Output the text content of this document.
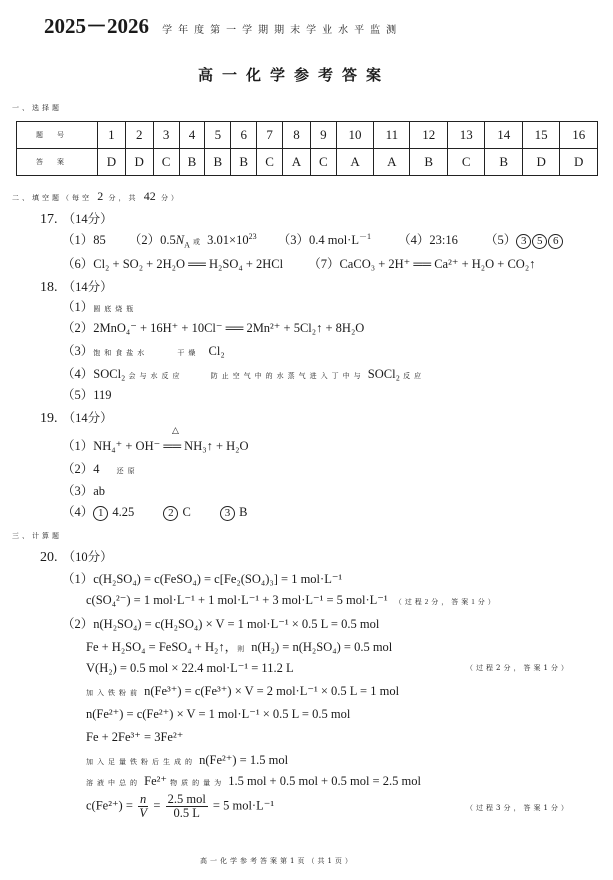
2025－2026 学年度第一学期期末学业水平监测
高一化学参考答案
一、选择题
题号	1	2	3	4	5	6	7	8	9	10	11	12	13	14	15	16
答案	D	D	C	B	B	B	C	A	C	A	A	B	C	B	D	D
二、填空题（每空 2 分，共 42 分）
17. （14分）
（1）85 $(2)0.5N_A$ 或 $3.01\times 10^{23}$ （3）0.4 $mol\cdot L^{-1}$ （4）23:16 （5） 3 5 6
（6）Cl₂ + SO₂ + 2H₂O ══ H₂SO₄ + 2HCl （7）CaCO₃ + 2H⁺ ══ Ca²⁺ + H₂O + CO₂↑
18. （14分）
（1）圆底烧瓶
（2）2MnO₄⁻ + 16H⁺ + 10Cl⁻ ══ 2Mn²⁺ + 5Cl₂↑ + 8H₂O
（3）饱和食盐水	干燥 Cl₂
（4）SOCl₂ 会与水反应	防止空气中的水蒸气进入丁中与 SOCl₂ 反应
（5）119
19. （14分）
△
（1）NH₄⁺ + OH⁻ ══ NH₃↑ + H₂O
（2）4 还原
（3）ab
（4） 1 4.25	2 C	3 B
三、计算题
20. （10分）
（1）c(H₂SO₄) = c(FeSO₄) = c[Fe₂(SO₄)₃] = 1 mol·L⁻¹
c(SO₄²⁻) = 1 mol·L⁻¹ + 1 mol·L⁻¹ + 3 mol·L⁻¹ = 5 mol·L⁻¹ （过程2分，答案1分）
（2）n(H₂SO₄) = c(H₂SO₄) × V = 1 mol·L⁻¹ × 0.5 L = 0.5 mol
Fe + H₂SO₄ = FeSO₄ + H₂↑，则 n(H₂) = n(H₂SO₄) = 0.5 mol
V(H₂) = 0.5 mol × 22.4 mol·L⁻¹ = 11.2 L	（过程2分，答案1分）
加入铁粉前 n(Fe³⁺) = c(Fe³⁺) × V = 2 mol·L⁻¹ × 0.5 L = 1 mol
n(Fe²⁺) = c(Fe²⁺) × V = 1 mol·L⁻¹ × 0.5 L = 0.5 mol
Fe + 2Fe³⁺ = 3Fe²⁺
加入足量铁粉后生成的 n(Fe²⁺) = 1.5 mol
溶液中总的 Fe²⁺ 物质的量为 1.5 mol + 0.5 mol + 0.5 mol = 2.5 mol
$c(Fe^{2+}) = \frac{n}{V} = \frac{\text{2.5 mol}}{0.5 L} = 5$ mol·L⁻¹	（过程3分，答案1分）
高一化学参考答案第1页（共1页）
